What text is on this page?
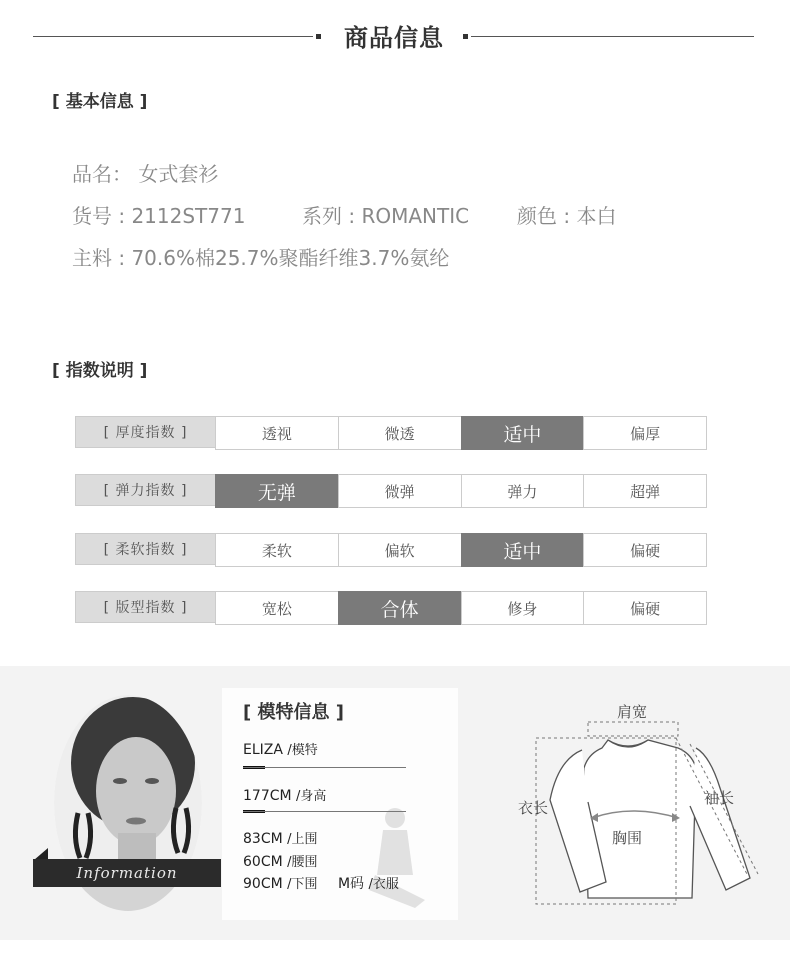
商品信息
[ 基本信息 ]
品名： 女式套衫
货号 : 2112ST771	系列 : ROMANTIC 颜色 : 本白
主料 : 70.6%棉25.7%聚酯纤维3.7%氨纶
[ 指数说明 ]
[ 厚度指数 ]	透视	微透	适中	偏厚
[ 弹力指数 ]	无弹	微弹	弹力	超弹
[ 柔软指数 ]	柔软	偏软	适中	偏硬
[ 版型指数 ]	宽松	合体	修身	偏硬
Information
[ 模特信息 ]
ELIZA /模特
177CM /身高
83CM /上围
60CM /腰围
90CM /下围 M码 /衣服
肩宽
衣长
袖长
胸围
